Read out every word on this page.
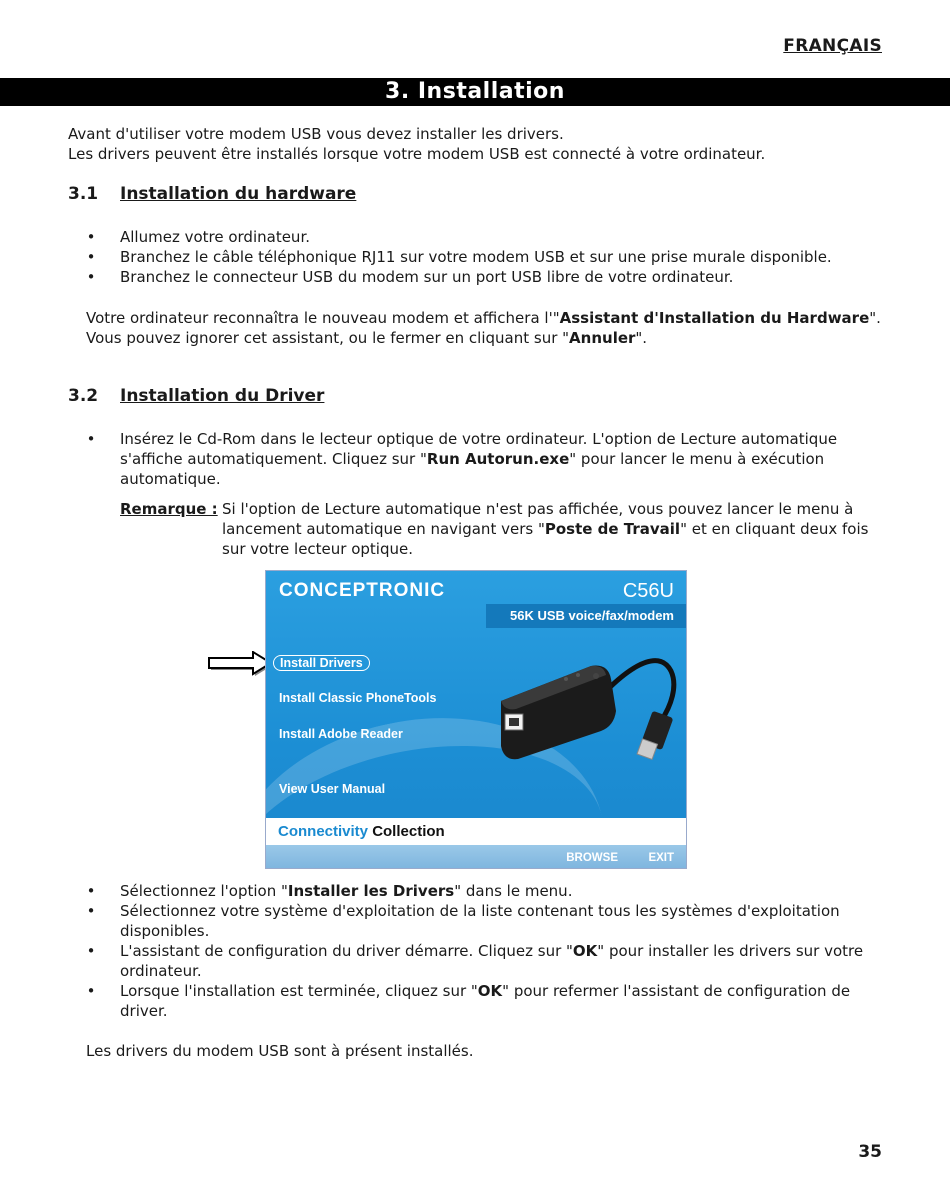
FRANÇAIS
3. Installation

Avant d'utiliser votre modem USB vous devez installer les drivers.

Les drivers peuvent être installés lorsque votre modem USB est connecté à votre ordinateur.

3.1 Installation du hardware
• Allumez votre ordinateur.
• Branchez le câble téléphonique RJ11 sur votre modem USB et sur une prise murale disponible.
• Branchez le connecteur USB du modem sur un port USB libre de votre ordinateur.

Votre ordinateur reconnaîtra le nouveau modem et affichera l'"Assistant d'Installation du Hardware".
Vous pouvez ignorer cet assistant, ou le fermer en cliquant sur "Annuler".

3.2 Installation du Driver
• Insérez le Cd-Rom dans le lecteur optique de votre ordinateur. L'option de Lecture automatique s'affiche automatiquement. Cliquez sur "Run Autorun.exe" pour lancer le menu à exécution automatique.
Remarque : Si l'option de Lecture automatique n'est pas affichée, vous pouvez lancer le menu à lancement automatique en navigant vers "Poste de Travail" et en cliquant deux fois sur votre lecteur optique.
CONCEPTRONIC	C56U
56K USB voice/fax/modem
Install Drivers
Install Classic PhoneTools
Install Adobe Reader
View User Manual
Connectivity Collection
BROWSE	EXIT
• Sélectionnez l'option "Installer les Drivers" dans le menu.
• Sélectionnez votre système d'exploitation de la liste contenant tous les systèmes d'exploitation disponibles.
• L'assistant de configuration du driver démarre. Cliquez sur "OK" pour installer les drivers sur votre ordinateur.
• Lorsque l'installation est terminée, cliquez sur "OK" pour refermer l'assistant de configuration de driver.

Les drivers du modem USB sont à présent installés.

35
